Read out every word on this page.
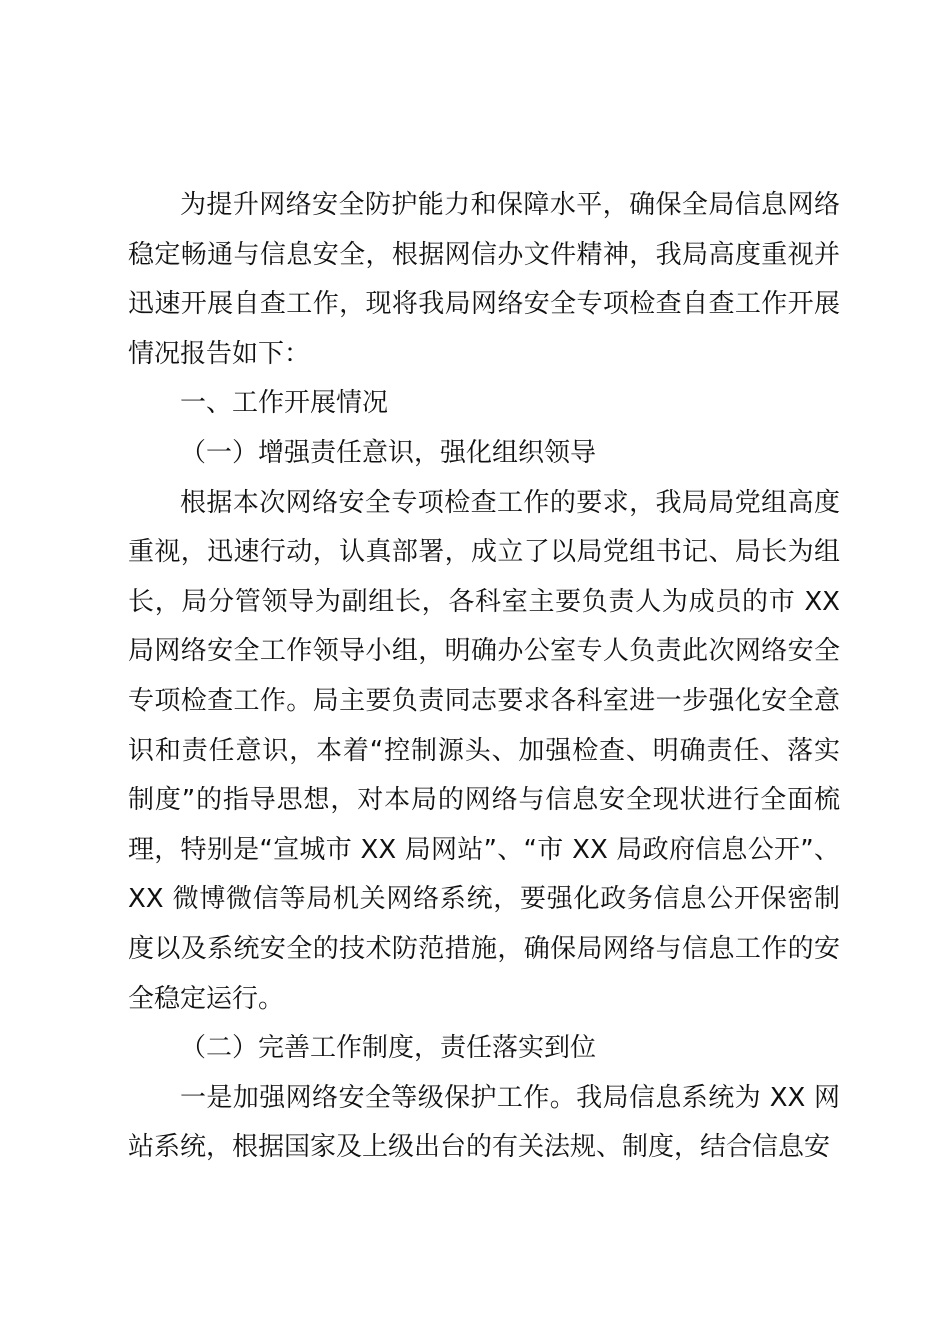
为提升网络安全防护能力和保障水平，确保全局信息网络稳定畅通与信息安全，根据网信办文件精神，我局高度重视并迅速开展自查工作，现将我局网络安全专项检查自查工作开展情况报告如下：

一、工作开展情况

（一）增强责任意识，强化组织领导

根据本次网络安全专项检查工作的要求，我局局党组高度重视，迅速行动，认真部署，成立了以局党组书记、局长为组长，局分管领导为副组长，各科室主要负责人为成员的市 XX 局网络安全工作领导小组，明确办公室专人负责此次网络安全专项检查工作。局主要负责同志要求各科室进一步强化安全意识和责任意识，本着“控制源头、加强检查、明确责任、落实制度”的指导思想，对本局的网络与信息安全现状进行全面梳理，特别是“宣城市 XX 局网站”、“市 XX 局政府信息公开”、XX 微博微信等局机关网络系统，要强化政务信息公开保密制度以及系统安全的技术防范措施，确保局网络与信息工作的安全稳定运行。

（二）完善工作制度，责任落实到位

一是加强网络安全等级保护工作。我局信息系统为 XX 网站系统，根据国家及上级出台的有关法规、制度，结合信息安
